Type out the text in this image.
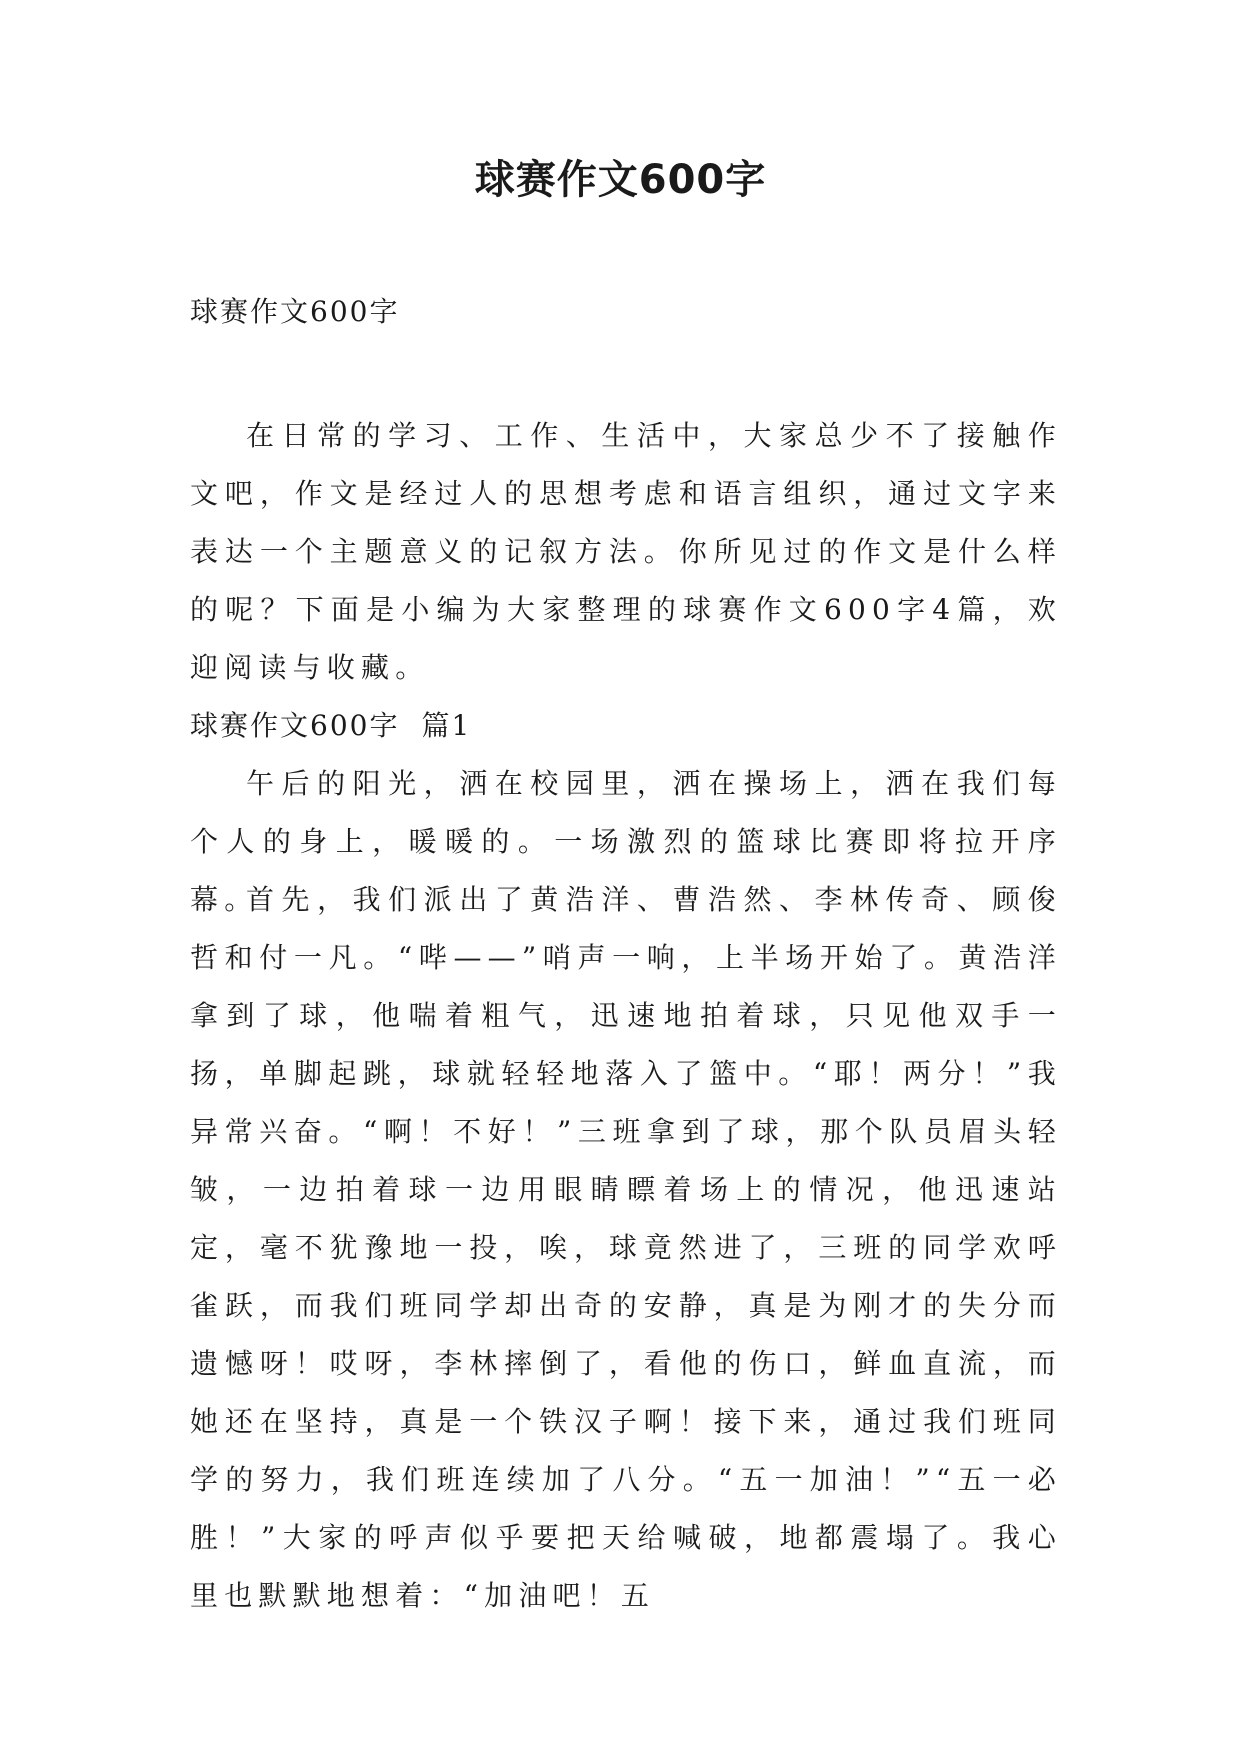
球赛作文600字

球赛作文600字

在日常的学习、工作、生活中，大家总少不了接触作文吧，作文是经过人的思想考虑和语言组织，通过文字来表达一个主题意义的记叙方法。你所见过的作文是什么样的呢？下面是小编为大家整理的球赛作文600字4篇，欢迎阅读与收藏。

球赛作文600字 篇1

午后的阳光，洒在校园里，洒在操场上，洒在我们每个人的身上，暖暖的。一场激烈的篮球比赛即将拉开序幕。

首先，我们派出了黄浩洋、曹浩然、李林传奇、顾俊哲和付一凡。“哔——”哨声一响，上半场开始了。黄浩洋拿到了球，他喘着粗气，迅速地拍着球，只见他双手一扬，单脚起跳，球就轻轻地落入了篮中。“耶！两分！”我异常兴奋。“啊！不好！”三班拿到了球，那个队员眉头轻皱，一边拍着球一边用眼睛瞟着场上的情况，他迅速站定，毫不犹豫地一投，唉，球竟然进了，三班的同学欢呼雀跃，而我们班同学却出奇的安静，真是为刚才的失分而遗憾呀！哎呀，李林摔倒了，看他的伤口，鲜血直流，而她还在坚持，真是一个铁汉子啊！接下来，通过我们班同学的努力，我们班连续加了八分。“五一加油！”“五一必胜！”大家的呼声似乎要把天给喊破，地都震塌了。我心里也默默地想着：“加油吧！五
